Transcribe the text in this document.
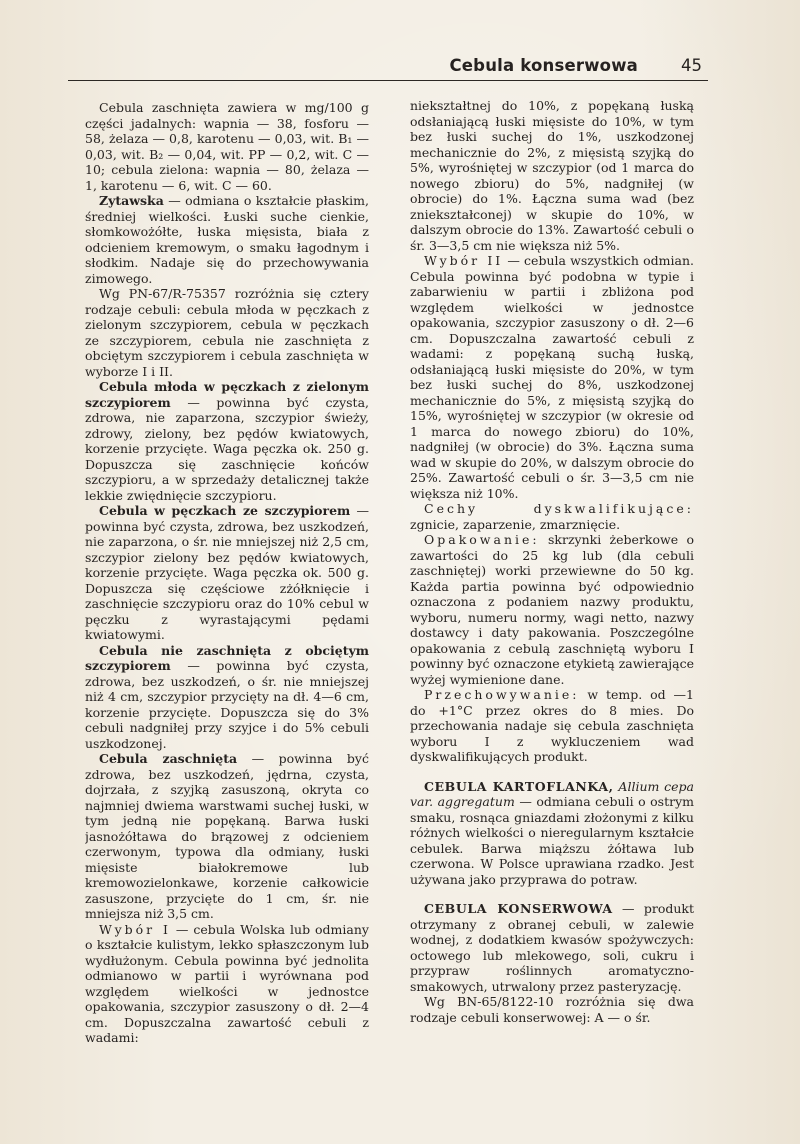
Cebula konserwowa	45

Cebula zaschnięta zawiera w mg/100 g części jadalnych: wapnia — 38, fosforu — 58, żelaza — 0,8, karotenu — 0,03, wit. B₁ — 0,03, wit. B₂ — 0,04, wit. PP — 0,2, wit. C — 10; cebula zielona: wapnia — 80, żelaza — 1, karotenu — 6, wit. C — 60.

Zytawska — odmiana o kształcie płaskim, średniej wielkości. Łuski suche cienkie, słomkowożółte, łuska mięsista, biała z odcieniem kremowym, o smaku łagodnym i słodkim. Nadaje się do przechowywania zimowego.

Wg PN-67/R-75357 rozróżnia się cztery rodzaje cebuli: cebula młoda w pęczkach z zielonym szczypiorem, cebula w pęczkach ze szczypiorem, cebula nie zaschnięta z obciętym szczypiorem i cebula zaschnięta w wyborze I i II.

Cebula młoda w pęczkach z zielonym szczypiorem — powinna być czysta, zdrowa, nie zaparzona, szczypior świeży, zdrowy, zielony, bez pędów kwiatowych, korzenie przycięte. Waga pęczka ok. 250 g. Dopuszcza się zaschnięcie końców szczypioru, a w sprzedaży detalicznej także lekkie zwiędnięcie szczypioru.

Cebula w pęczkach ze szczypiorem — powinna być czysta, zdrowa, bez uszkodzeń, nie zaparzona, o śr. nie mniejszej niż 2,5 cm, szczypior zielony bez pędów kwiatowych, korzenie przycięte. Waga pęczka ok. 500 g. Dopuszcza się częściowe zżółknięcie i zaschnięcie szczypioru oraz do 10% cebul w pęczku z wyrastającymi pędami kwiatowymi.

Cebula nie zaschnięta z obciętym szczypiorem — powinna być czysta, zdrowa, bez uszkodzeń, o śr. nie mniejszej niż 4 cm, szczypior przycięty na dł. 4—6 cm, korzenie przycięte. Dopuszcza się do 3% cebuli nadgniłej przy szyjce i do 5% cebuli uszkodzonej.

Cebula zaschnięta — powinna być zdrowa, bez uszkodzeń, jędrna, czysta, dojrzała, z szyjką zasuszoną, okryta co najmniej dwiema warstwami suchej łuski, w tym jedną nie popękaną. Barwa łuski jasnożółtawa do brązowej z odcieniem czerwonym, typowa dla odmiany, łuski mięsiste białokremowe lub kremowozielonkawe, korzenie całkowicie zasuszone, przycięte do 1 cm, śr. nie mniejsza niż 3,5 cm.

Wybór I — cebula Wolska lub odmiany o kształcie kulistym, lekko spłaszczonym lub wydłużonym. Cebula powinna być jednolita odmianowo w partii i wyrównana pod względem wielkości w jednostce opakowania, szczypior zasuszony o dł. 2—4 cm. Dopuszczalna zawartość cebuli z wadami:

niekształtnej do 10%, z popękaną łuską odsłaniającą łuski mięsiste do 10%, w tym bez łuski suchej do 1%, uszkodzonej mechanicznie do 2%, z mięsistą szyjką do 5%, wyrośniętej w szczypior (od 1 marca do nowego zbioru) do 5%, nadgniłej (w obrocie) do 1%. Łączna suma wad (bez zniekształconej) w skupie do 10%, w dalszym obrocie do 13%. Zawartość cebuli o śr. 3—3,5 cm nie większa niż 5%.

Wybór II — cebula wszystkich odmian. Cebula powinna być podobna w typie i zabarwieniu w partii i zbliżona pod względem wielkości w jednostce opakowania, szczypior zasuszony o dł. 2—6 cm. Dopuszczalna zawartość cebuli z wadami: z popękaną suchą łuską, odsłaniającą łuski mięsiste do 20%, w tym bez łuski suchej do 8%, uszkodzonej mechanicznie do 5%, z mięsistą szyjką do 15%, wyrośniętej w szczypior (w okresie od 1 marca do nowego zbioru) do 10%, nadgniłej (w obrocie) do 3%. Łączna suma wad w skupie do 20%, w dalszym obrocie do 25%. Zawartość cebuli o śr. 3—3,5 cm nie większa niż 10%.

Cechy dyskwalifikujące: zgnicie, zaparzenie, zmarznięcie.

Opakowanie: skrzynki żeberkowe o zawartości do 25 kg lub (dla cebuli zaschniętej) worki przewiewne do 50 kg. Każda partia powinna być odpowiednio oznaczona z podaniem nazwy produktu, wyboru, numeru normy, wagi netto, nazwy dostawcy i daty pakowania. Poszczególne opakowania z cebulą zaschniętą wyboru I powinny być oznaczone etykietą zawierające wyżej wymienione dane.

Przechowywanie: w temp. od —1 do +1°C przez okres do 8 mies. Do przechowania nadaje się cebula zaschnięta wyboru I z wykluczeniem wad dyskwalifikujących produkt.

CEBULA KARTOFLANKA, Allium cepa var. aggregatum — odmiana cebuli o ostrym smaku, rosnąca gniazdami złożonymi z kilku różnych wielkości o nieregularnym kształcie cebulek. Barwa miąższu żółtawa lub czerwona. W Polsce uprawiana rzadko. Jest używana jako przyprawa do potraw.

CEBULA KONSERWOWA — produkt otrzymany z obranej cebuli, w zalewie wodnej, z dodatkiem kwasów spożywczych: octowego lub mlekowego, soli, cukru i przypraw roślinnych aromatyczno-smakowych, utrwalony przez pasteryzację.

Wg BN-65/8122-10 rozróżnia się dwa rodzaje cebuli konserwowej: A — o śr.
